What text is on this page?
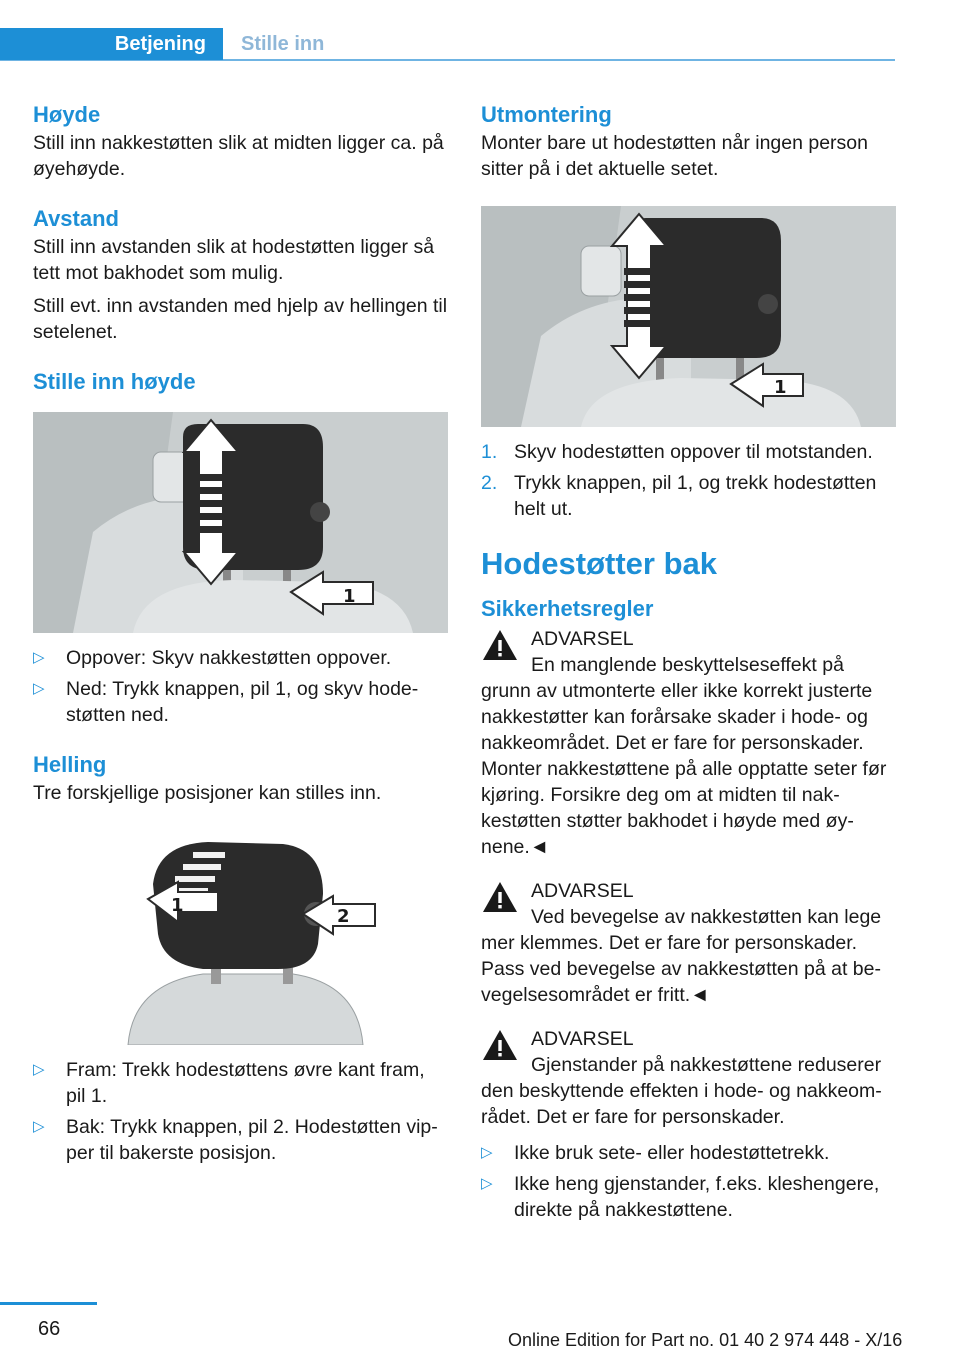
Betjening	Stille inn
Høyde

Still inn nakkestøtten slik at midten ligger ca. på øyehøyde.

Avstand

Still inn avstanden slik at hodestøtten ligger så tett mot bakhodet som mulig.

Still evt. inn avstanden med hjelp av hellingen til setelenet.

Stille inn høyde
1
▷ Oppover: Skyv nakkestøtten oppover.
▷ Ned: Trykk knappen, pil 1, og skyv hodestøtten ned.
Helling

Tre forskjellige posisjoner kan stilles inn.

1
2
▷ Fram: Trekk hodestøttens øvre kant fram, pil 1.
▷ Bak: Trykk knappen, pil 2. Hodestøtten vipper til bakerste posisjon.
Utmontering

Monter bare ut hodestøtten når ingen person sitter på i det aktuelle setet.

1
1. Skyv hodestøtten oppover til motstanden.
2. Trykk knappen, pil 1, og trekk hodestøtten helt ut.
Hodestøtter bak
Sikkerhetsregler
ADVARSEL
En manglende beskyttelseseffekt på
grunn av utmonterte eller ikke korrekt justerte nakkestøtter kan forårsake skader i hode- og nakkeområdet. Det er fare for personskader. Monter nakkestøttene på alle opptatte seter før kjøring. Forsikre deg om at midten til nakkestøtten støtter bakhodet i høyde med øynene.◄
ADVARSEL
Ved bevegelse av nakkestøtten kan lege
mer klemmes. Det er fare for personskader. Pass ved bevegelse av nakkestøtten på at bevegelsesområdet er fritt.◄
ADVARSEL
Gjenstander på nakkestøttene reduserer
den beskyttende effekten i hode- og nakkeområdet. Det er fare for personskader.
▷ Ikke bruk sete- eller hodestøttetrekk.
▷ Ikke heng gjenstander, f.eks. kleshengere, direkte på nakkestøttene.
66	Online Edition for Part no. 01 40 2 974 448 - X/16
